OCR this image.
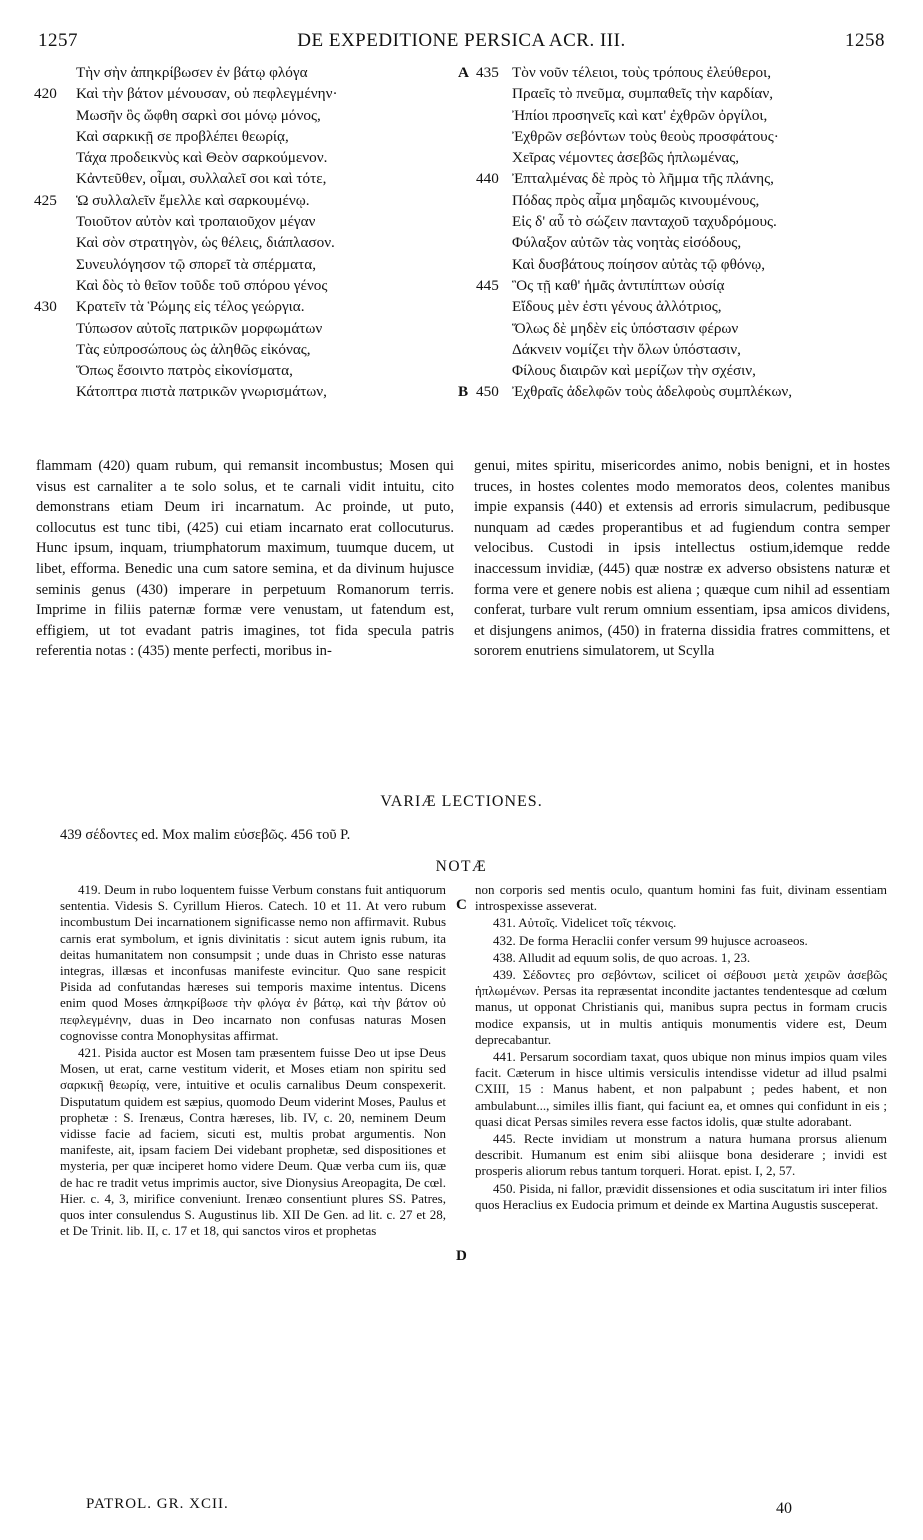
1257	DE EXPEDITIONE PERSICA ACR. III.	1258
Τὴν σὴν ἀπηκρίβωσεν ἐν βάτῳ φλόγα
420 Καὶ τὴν βάτον μένουσαν, οὐ πεφλεγμένην·
Μωσῆν ὃς ὤφθη σαρκὶ σοι μόνῳ μόνος,
Καὶ σαρκικῇ σε προβλέπει θεωρίᾳ,
Τάχα προδεικνὺς καὶ Θεὸν σαρκούμενον.
Κἀντεῦθεν, οἶμαι, συλλαλεῖ σοι καὶ τότε,
425 Ὡ συλλαλεῖν ἔμελλε καὶ σαρκουμένῳ.
Τοιοῦτον αὐτὸν καὶ τροπαιοῦχον μέγαν
Καὶ σὸν στρατηγὸν, ὡς θέλεις, διάπλασον.
Συνευλόγησον τῷ σπορεῖ τὰ σπέρματα,
Καὶ δὸς τὸ θεῖον τοῦδε τοῦ σπόρου γένος
430 Κρατεῖν τὰ Ῥώμης εἰς τέλος γεώργια.
Τύπωσον αὐτοῖς πατρικῶν μορφωμάτων
Τὰς εὐπροσώπους ὡς ἀληθῶς εἰκόνας,
Ὅπως ἔσοιντο πατρὸς εἰκονίσματα,
Κάτοπτρα πιστὰ πατρικῶν γνωρισμάτων,
A 435 Τὸν νοῦν τέλειοι, τοὺς τρόπους ἐλεύθεροι,
Πραεῖς τὸ πνεῦμα, συμπαθεῖς τὴν καρδίαν,
Ἠπίοι προσηνεῖς καὶ κατ' ἐχθρῶν ὀργίλοι,
Ἐχθρῶν σεβόντων τοὺς θεοὺς προσφάτους·
Χεῖρας νέμοντες ἀσεβῶς ἡπλωμένας,
440 Ἐπταλμένας δὲ πρὸς τὸ λῆμμα τῆς πλάνης,
Πόδας πρὸς αἷμα μηδαμῶς κινουμένους,
Εἰς δ' αὖ τὸ σώζειν πανταχοῦ ταχυδρόμους.
Φύλαξον αὐτῶν τὰς νοητὰς εἰσόδους,
Καὶ δυσβάτους ποίησον αὐτὰς τῷ φθόνῳ,
445 Ὃς τῇ καθ' ἡμᾶς ἀντιπίπτων οὐσίᾳ
Εἴδους μὲν ἐστι γένους ἀλλότριος,
Ὅλως δὲ μηδὲν εἰς ὑπόστασιν φέρων
Δάκνειν νομίζει τὴν ὅλων ὑπόστασιν,
Φίλους διαιρῶν καὶ μερίζων τὴν σχέσιν,
B 450 Ἐχθραῖς ἀδελφῶν τοὺς ἀδελφοὺς συμπλέκων,

flammam (420) quam rubum, qui remansit incombustus; Mosen qui visus est carnaliter a te solo solus, et te carnali vidit intuitu, cito demonstrans etiam Deum iri incarnatum. Ac proinde, ut puto, collocutus est tunc tibi, (425) cui etiam incarnato erat collocuturus. Hunc ipsum, inquam, triumphatorum maximum, tuumque ducem, ut libet, efforma. Benedic una cum satore semina, et da divinum hujusce seminis genus (430) imperare in perpetuum Romanorum terris. Imprime in filiis paternæ formæ vere venustam, ut fatendum est, effigiem, ut tot evadant patris imagines, tot fida specula patris referentia notas : (435) mente perfecti, moribus in-

genui, mites spiritu, misericordes animo, nobis benigni, et in hostes truces, in hostes colentes modo memoratos deos, colentes manibus impie expansis (440) et extensis ad erroris simulacrum, pedibusque nunquam ad cædes properantibus et ad fugiendum contra semper velocibus. Custodi in ipsis intellectus ostium,idemque redde inaccessum invidiæ, (445) quæ nostræ ex adverso obsistens naturæ et forma vere et genere nobis est aliena ; quæque cum nihil ad essentiam conferat, turbare vult rerum omnium essentiam, ipsa amicos dividens, et disjungens animos, (450) in fraterna dissidia fratres committens, et sororem enutriens simulatorem, ut Scylla

VARIÆ LECTIONES.
439 σέδοντες ed. Mox malim εὐσεβῶς. 456 τοῦ P.
NOTÆ

419. Deum in rubo loquentem fuisse Verbum constans fuit antiquorum sententia. Videsis S. Cyrillum Hieros. Catech. 10 et 11. At vero rubum incombustum Dei incarnationem significasse nemo non affirmavit. Rubus carnis erat symbolum, et ignis divinitatis : sicut autem ignis rubum, ita deitas humanitatem non consumpsit ; unde duas in Christo esse naturas integras, illæsas et inconfusas manifeste evincitur. Quo sane respicit Pisida ad confutandas hæreses sui temporis maxime intentus. Dicens enim quod Moses ἀπηκρίβωσε τὴν φλόγα ἐν βάτῳ, καὶ τὴν βάτον οὐ πεφλεγμένην, duas in Deo incarnato non confusas naturas Mosen cognovisse contra Monophysitas affirmat.

421. Pisida auctor est Mosen tam præsentem fuisse Deo ut ipse Deus Mosen, ut erat, carne vestitum viderit, et Moses etiam non spiritu sed σαρκικῇ θεωρίᾳ, vere, intuitive et oculis carnalibus Deum conspexerit. Disputatum quidem est sæpius, quomodo Deum viderint Moses, Paulus et prophetæ : S. Irenæus, Contra hæreses, lib. IV, c. 20, neminem Deum vidisse facie ad faciem, sicuti est, multis probat argumentis. Non manifeste, ait, ipsam faciem Dei videbant prophetæ, sed dispositiones et mysteria, per quæ inciperet homo videre Deum. Quæ verba cum iis, quæ de hac re tradit vetus imprimis auctor, sive Dionysius Areopagita, De cœl. Hier. c. 4, 3, mirifice conveniunt. Irenæo consentiunt plures SS. Patres, quos inter consulendus S. Augustinus lib. XII De Gen. ad lit. c. 27 et 28, et De Trinit. lib. II, c. 17 et 18, qui sanctos viros et prophetas

non corporis sed mentis oculo, quantum homini fas fuit, divinam essentiam introspexisse asseverat.

431. Αὐτοῖς. Videlicet τοῖς τέκνοις.

432. De forma Heraclii confer versum 99 hujusce acroaseos.

438. Alludit ad equum solis, de quo acroas. 1, 23.

439. Σέδοντες pro σεβόντων, scilicet οἱ σέβουσι μετὰ χειρῶν ἀσεβῶς ἡπλωμένων. Persas ita repræsentat incondite jactantes tendentesque ad cœlum manus, ut opponat Christianis qui, manibus supra pectus in formam crucis modice expansis, ut in multis antiquis monumentis videre est, Deum deprecabantur.

441. Persarum socordiam taxat, quos ubique non minus impios quam viles facit. Cæterum in hisce ultimis versiculis intendisse videtur ad illud psalmi CXIII, 15 : Manus habent, et non palpabunt ; pedes habent, et non ambulabunt..., similes illis fiant, qui faciunt ea, et omnes qui confidunt in eis ; quasi dicat Persas similes revera esse factos idolis, quæ stulte adorabant.

445. Recte invidiam ut monstrum a natura humana prorsus alienum describit. Humanum est enim sibi aliisque bona desiderare ; invidi est prosperis aliorum rebus tantum torqueri. Horat. epist. I, 2, 57.

450. Pisida, ni fallor, prævidit dissensiones et odia suscitatum iri inter filios quos Heraclius ex Eudocia primum et deinde ex Martina Augustis susceperat.

C
D
PATROL. GR. XCII.	40
